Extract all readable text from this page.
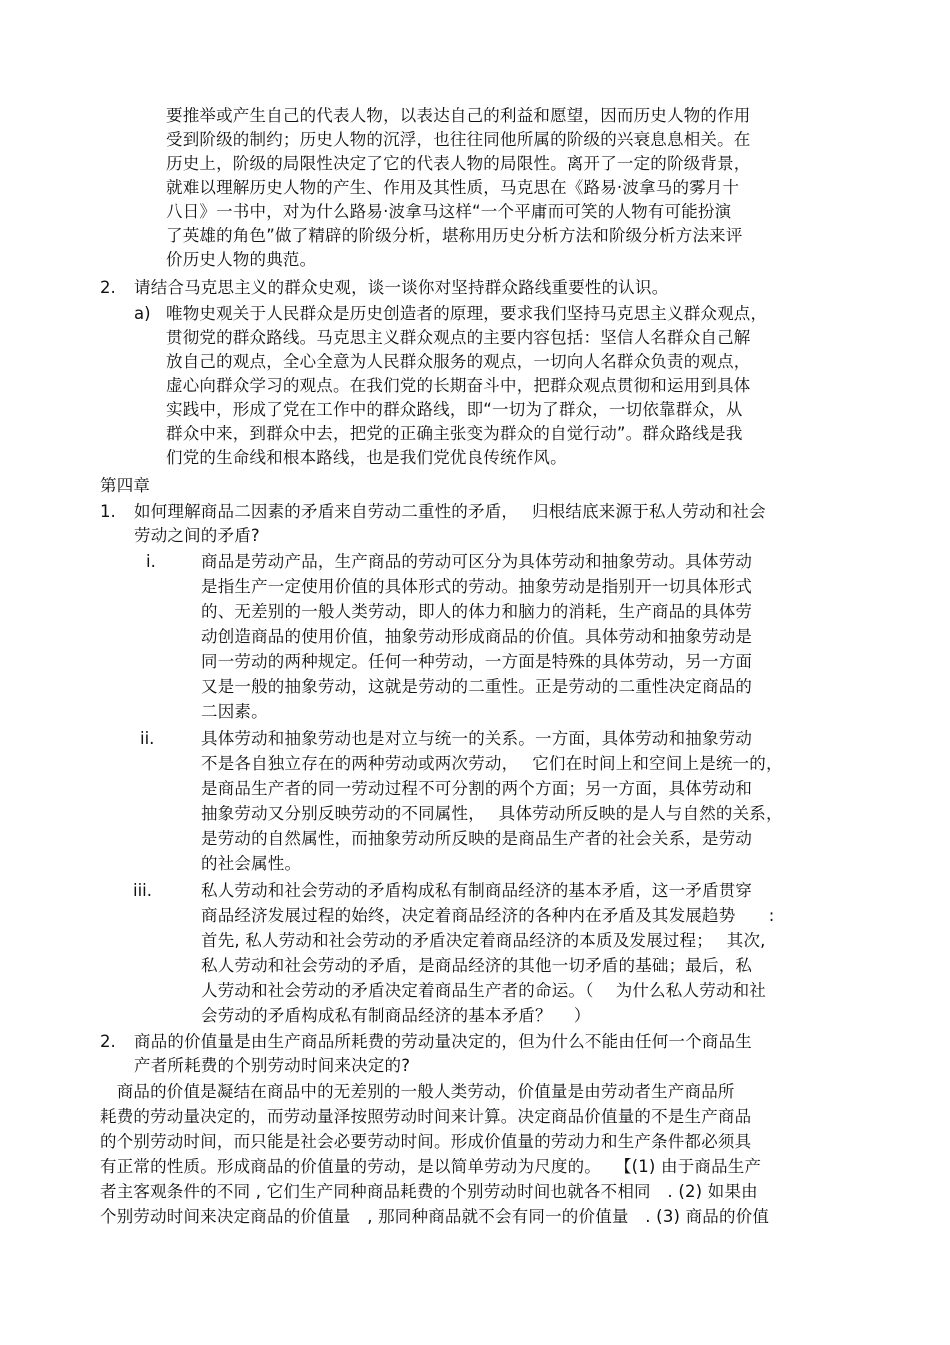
要推举或产生自己的代表人物，以表达自己的利益和愿望，因而历史人物的作用
受到阶级的制约；历史人物的沉浮，也往往同他所属的阶级的兴衰息息相关。在
历史上，阶级的局限性决定了它的代表人物的局限性。离开了一定的阶级背景，
就难以理解历史人物的产生、作用及其性质，马克思在《路易·波拿马的雾月十
八日》一书中，对为什么路易·波拿马这样“一个平庸而可笑的人物有可能扮演
了英雄的角色”做了精辟的阶级分析，堪称用历史分析方法和阶级分析方法来评
价历史人物的典范。
2. 请结合马克思主义的群众史观，谈一谈你对坚持群众路线重要性的认识。
a) 唯物史观关于人民群众是历史创造者的原理，要求我们坚持马克思主义群众观点，
贯彻党的群众路线。马克思主义群众观点的主要内容包括：坚信人名群众自己解
放自己的观点，全心全意为人民群众服务的观点，一切向人名群众负责的观点，
虚心向群众学习的观点。在我们党的长期奋斗中，把群众观点贯彻和运用到具体
实践中，形成了党在工作中的群众路线，即“一切为了群众，一切依靠群众，从
群众中来，到群众中去，把党的正确主张变为群众的自觉行动”。群众路线是我
们党的生命线和根本路线，也是我们党优良传统作风。
第四章
1. 如何理解商品二因素的矛盾来自劳动二重性的矛盾，　 归根结底来源于私人劳动和社会
劳动之间的矛盾?
i.	商品是劳动产品，生产商品的劳动可区分为具体劳动和抽象劳动。具体劳动
是指生产一定使用价值的具体形式的劳动。抽象劳动是指别开一切具体形式
的、无差别的一般人类劳动，即人的体力和脑力的消耗，生产商品的具体劳
动创造商品的使用价值，抽象劳动形成商品的价值。具体劳动和抽象劳动是
同一劳动的两种规定。任何一种劳动，一方面是特殊的具体劳动，另一方面
又是一般的抽象劳动，这就是劳动的二重性。正是劳动的二重性决定商品的
二因素。
ii.	具体劳动和抽象劳动也是对立与统一的关系。一方面，具体劳动和抽象劳动
不是各自独立存在的两种劳动或两次劳动，　 它们在时间上和空间上是统一的，
是商品生产者的同一劳动过程不可分割的两个方面；另一方面，具体劳动和
抽象劳动又分别反映劳动的不同属性，　 具体劳动所反映的是人与自然的关系，
是劳动的自然属性，而抽象劳动所反映的是商品生产者的社会关系，是劳动
的社会属性。
iii.	私人劳动和社会劳动的矛盾构成私有制商品经济的基本矛盾，这一矛盾贯穿
商品经济发展过程的始终，决定着商品经济的各种内在矛盾及其发展趋势　　:
首先, 私人劳动和社会劳动的矛盾决定着商品经济的本质及发展过程；　 其次,
私人劳动和社会劳动的矛盾，是商品经济的其他一切矛盾的基础；最后，私
人劳动和社会劳动的矛盾决定着商品生产者的命运。（　 为什么私人劳动和社
会劳动的矛盾构成私有制商品经济的基本矛盾？　 ）
2. 商品的价值量是由生产商品所耗费的劳动量决定的，但为什么不能由任何一个商品生
产者所耗费的个别劳动时间来决定的?
　商品的价值是凝结在商品中的无差别的一般人类劳动，价值量是由劳动者生产商品所
耗费的劳动量决定的，而劳动量泽按照劳动时间来计算。决定商品价值量的不是生产商品
的个别劳动时间，而只能是社会必要劳动时间。形成价值量的劳动力和生产条件都必须具
有正常的性质。形成商品的价值量的劳动，是以简单劳动为尺度的。　 【(1) 由于商品生产
者主客观条件的不同 , 它们生产同种商品耗费的个别劳动时间也就各不相同　. (2) 如果由
个别劳动时间来决定商品的价值量　, 那同种商品就不会有同一的价值量　. (3) 商品的价值
